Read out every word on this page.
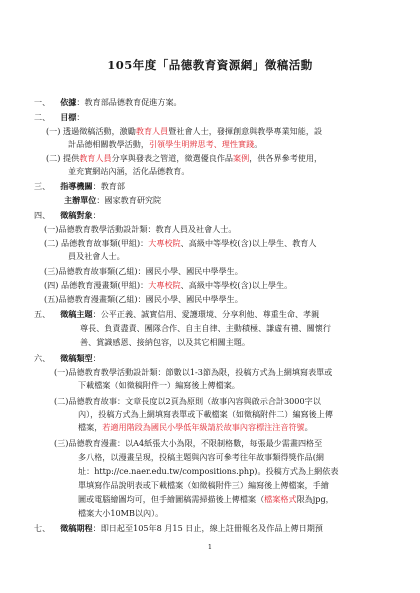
105年度「品德教育資源網」徵稿活動
一、 依據：教育部品德教育促進方案。
二、 目標：
(一) 透過徵稿活動，激勵教育人員暨社會人士，發揮創意與教學專業知能，設
計品德相關教學活動，引領學生明辨思考、理性實踐。
(二) 提供教育人員分享與發表之管道，徵選優良作品案例，供各界參考使用，
並充實網站內涵，活化品德教育。
三、 指導機關：教育部
主辦單位：國家教育研究院
四、 徵稿對象：
(一)品德教育教學活動設計類：教育人員及社會人士。
(二) 品德教育故事類(甲組)：大專校院、高級中等學校(含)以上學生、教育人
員及社會人士。
(三)品德教育故事類(乙組)：國民小學、國民中學學生。
(四) 品德教育漫畫類(甲組)：大專校院、高級中等學校(含)以上學生。
(五)品德教育漫畫類(乙組)：國民小學、國民中學學生。
五、 徵稿主題：公平正義、誠實信用、愛護環境、分享利他、尊重生命、孝親
尊長、負責盡責、團隊合作、自主自律、主動積極、謙虛有禮、關懷行
善、賞識感恩、接納包容，以及其它相關主題。
六、 徵稿類型：
(一)品德教育教學活動設計類：節數以1-3節為限，投稿方式為上網填寫表單或
下載檔案（如徵稿附件一）編寫後上傳檔案。
(二)品德教育故事：文章長度以2頁為原則（故事內容與啟示合計3000字以
內），投稿方式為上網填寫表單或下載檔案（如徵稿附件二）編寫後上傳
檔案，若適用階段為國民小學低年級請於故事內容標注注音符號。
(三)品德教育漫畫：以A4紙張大小為限，不限制格數，每張最少需畫四格至
多八格，以漫畫呈現，投稿主題與內容可參考往年故事類得獎作品(網
址：http://ce.naer.edu.tw/compositions.php)。投稿方式為上網依表
單填寫作品說明表或下載檔案（如徵稿附件三）編寫後上傳檔案，手繪
圖或電腦繪圖均可，但手繪圖稿需掃描後上傳檔案（檔案格式限為jpg，
檔案大小10MB以內）。
七、 徵稿期程：即日起至105年8 月15 日止，線上註冊報名及作品上傳日期預
1
